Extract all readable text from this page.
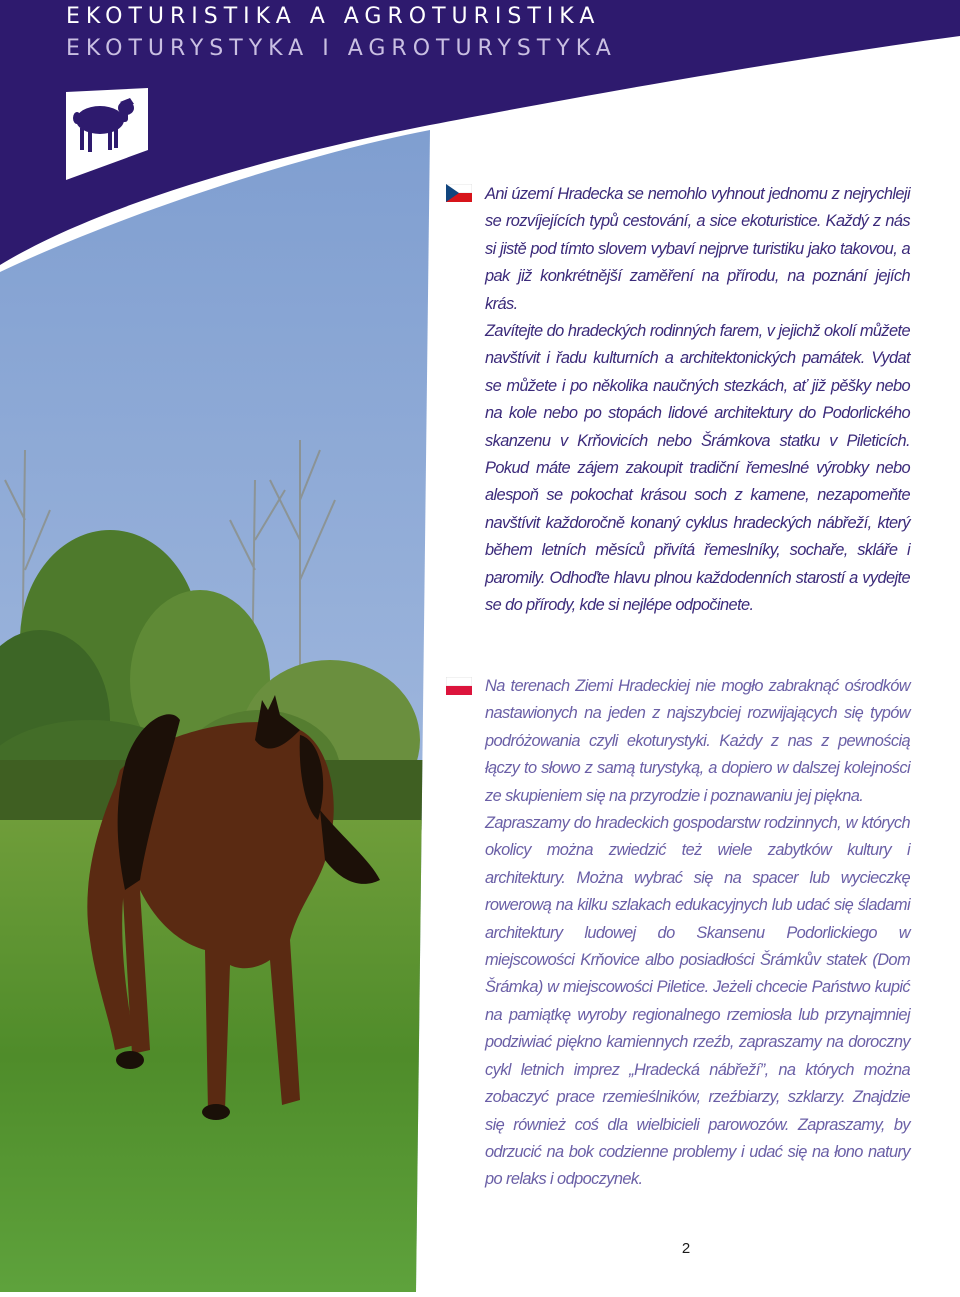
EKOTURISTIKA A AGROTURISTIKA
EKOTURYSTYKA I AGROTURYSTYKA

Ani území Hradecka se nemohlo vyhnout jednomu z nejrychleji se rozvíjejících typů cestování, a sice ekoturistice. Každý z nás si jistě pod tímto slovem vybaví nejprve turistiku jako takovou, a pak již konkrétnější zaměření na přírodu, na poznání jejích krás.

Zavítejte do hradeckých rodinných farem, v jejichž okolí můžete navštívit i řadu kulturních a architektonických památek. Vydat se můžete i po několika naučných stezkách, ať již pěšky nebo na kole nebo po stopách lidové architektury do Podorlického skanzenu v Krňovicích nebo Šrámkova statku v Pileticích. Pokud máte zájem zakoupit tradiční řemeslné výrobky nebo alespoň se pokochat krásou soch z kamene, nezapomeňte navštívit každoročně konaný cyklus hradeckých nábřeží, který během letních měsíců přivítá řemeslníky, sochaře, skláře i paromily. Odhoďte hlavu plnou každodenních starostí a vydejte se do přírody, kde si nejlépe odpočinete.

Na terenach Ziemi Hradeckiej nie mogło zabraknąć ośrodków nastawionych na jeden z najszybciej rozwijających się typów podróżowania czyli ekoturystyki. Każdy z nas z pewnością łączy to słowo z samą turystyką, a dopiero w dalszej kolejności ze skupieniem się na przyrodzie i poznawaniu jej piękna.

Zapraszamy do hradeckich gospodarstw rodzinnych, w których okolicy można zwiedzić też wiele zabytków kultury i architektury. Można wybrać się na spacer lub wycieczkę rowerową na kilku szlakach edukacyjnych lub udać się śladami architektury ludowej do Skansenu Podorlickiego w miejscowości Krňovice albo posiadłości Šrámkův statek (Dom Šrámka) w miejscowości Piletice. Jeżeli chcecie Państwo kupić na pamiątkę wyroby regionalnego rzemiosła lub przynajmniej podziwiać piękno kamiennych rzeźb, zapraszamy na doroczny cykl letnich imprez „Hradecká nábřeží”, na których można zobaczyć prace rzemieślników, rzeźbiarzy, szklarzy. Znajdzie się również coś dla wielbicieli parowozów. Zapraszamy, by odrzucić na bok codzienne problemy i udać się na łono natury po relaks i odpoczynek.

2
